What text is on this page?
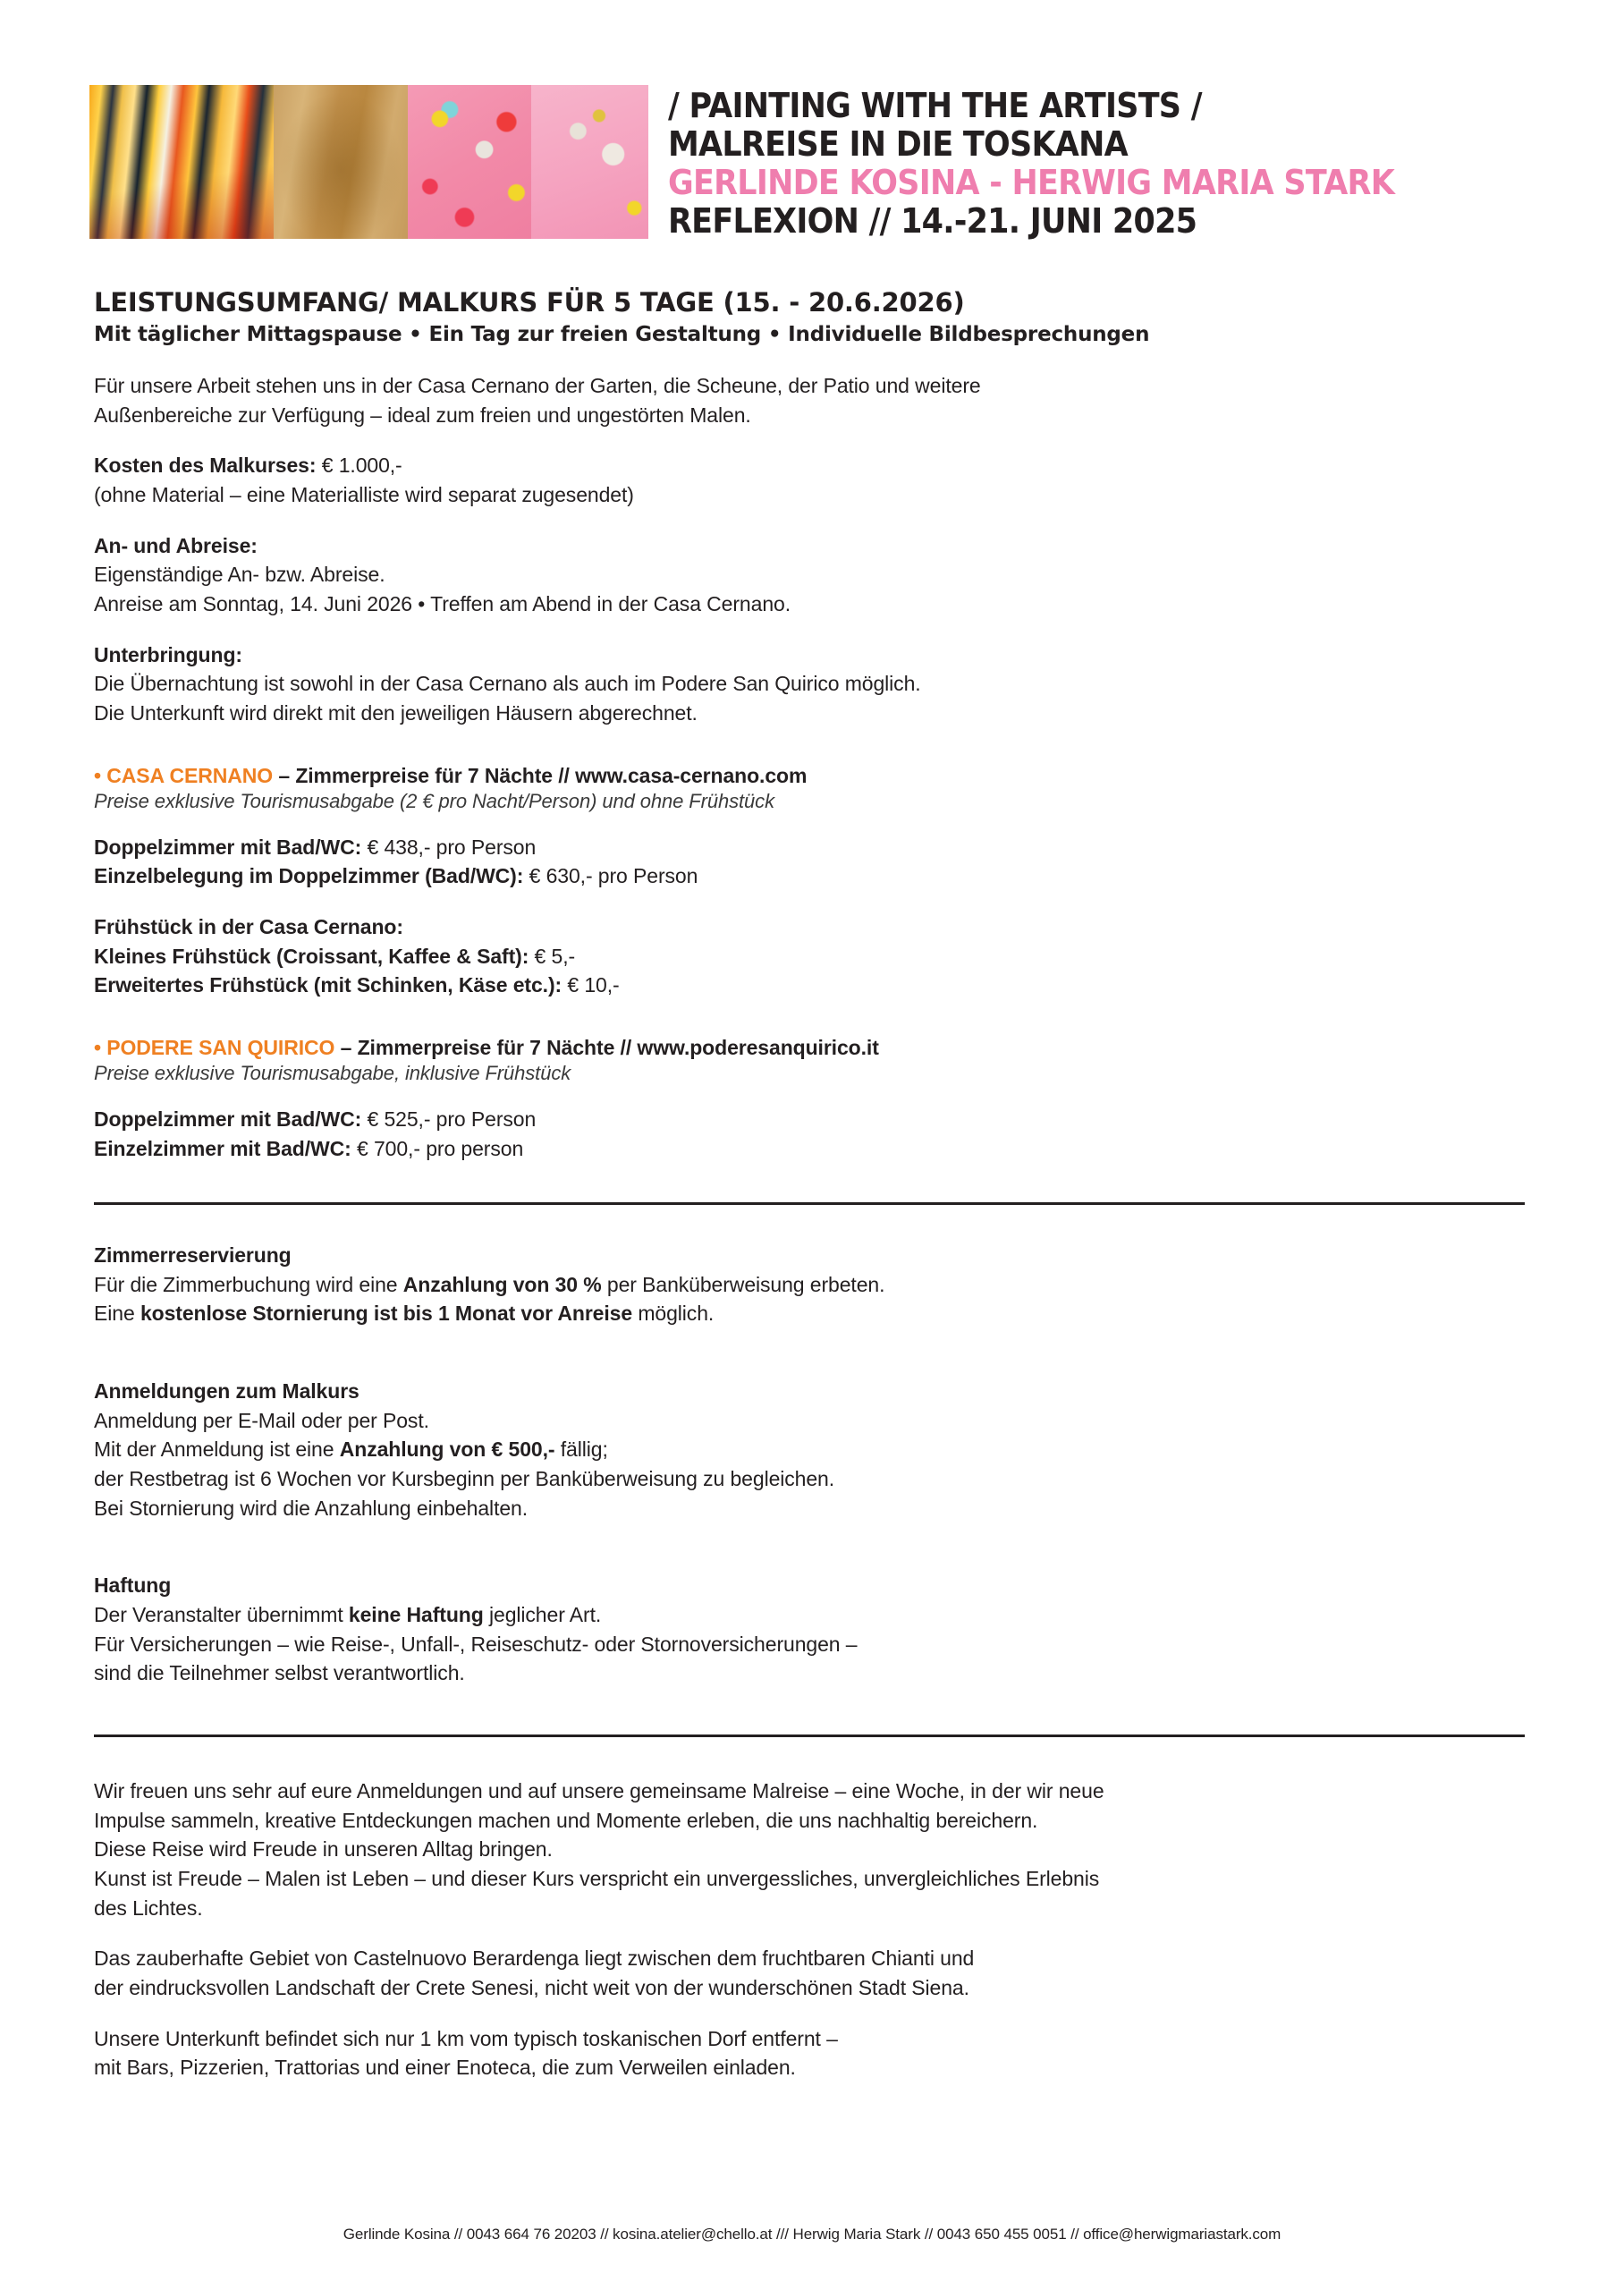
/ PAINTING WITH THE ARTISTS /
MALREISE IN DIE TOSKANA
GERLINDE KOSINA - HERWIG MARIA STARK
REFLEXION // 14.-21. JUNI 2025
LEISTUNGSUMFANG/ MALKURS FÜR 5 TAGE (15. - 20.6.2026)
Mit täglicher Mittagspause • Ein Tag zur freien Gestaltung • Individuelle Bildbesprechungen

Für unsere Arbeit stehen uns in der Casa Cernano der Garten, die Scheune, der Patio und weitere
Außenbereiche zur Verfügung – ideal zum freien und ungestörten Malen.

Kosten des Malkurses: € 1.000,-
(ohne Material – eine Materialliste wird separat zugesendet)

An- und Abreise:
Eigenständige An- bzw. Abreise.
Anreise am Sonntag, 14. Juni 2026 • Treffen am Abend in der Casa Cernano.

Unterbringung:
Die Übernachtung ist sowohl in der Casa Cernano als auch im Podere San Quirico möglich.
Die Unterkunft wird direkt mit den jeweiligen Häusern abgerechnet.

• CASA CERNANO – Zimmerpreise für 7 Nächte // www.casa-cernano.com
Preise exklusive Tourismusabgabe (2 € pro Nacht/Person) und ohne Frühstück

Doppelzimmer mit Bad/WC: € 438,- pro Person
Einzelbelegung im Doppelzimmer (Bad/WC): € 630,- pro Person

Frühstück in der Casa Cernano:
Kleines Frühstück (Croissant, Kaffee & Saft): € 5,-
Erweitertes Frühstück (mit Schinken, Käse etc.): € 10,-

• PODERE SAN QUIRICO – Zimmerpreise für 7 Nächte // www.poderesanquirico.it
Preise exklusive Tourismusabgabe, inklusive Frühstück

Doppelzimmer mit Bad/WC: € 525,- pro Person
Einzelzimmer mit Bad/WC: € 700,- pro person

Zimmerreservierung
Für die Zimmerbuchung wird eine Anzahlung von 30 % per Banküberweisung erbeten.
Eine kostenlose Stornierung ist bis 1 Monat vor Anreise möglich.

Anmeldungen zum Malkurs
Anmeldung per E-Mail oder per Post.
Mit der Anmeldung ist eine Anzahlung von € 500,- fällig;
der Restbetrag ist 6 Wochen vor Kursbeginn per Banküberweisung zu begleichen.
Bei Stornierung wird die Anzahlung einbehalten.

Haftung
Der Veranstalter übernimmt keine Haftung jeglicher Art.
Für Versicherungen – wie Reise-, Unfall-, Reiseschutz- oder Stornoversicherungen –
sind die Teilnehmer selbst verantwortlich.

Wir freuen uns sehr auf eure Anmeldungen und auf unsere gemeinsame Malreise – eine Woche, in der wir neue
Impulse sammeln, kreative Entdeckungen machen und Momente erleben, die uns nachhaltig bereichern.
Diese Reise wird Freude in unseren Alltag bringen.
Kunst ist Freude – Malen ist Leben – und dieser Kurs verspricht ein unvergessliches, unvergleichliches Erlebnis
des Lichtes.

Das zauberhafte Gebiet von Castelnuovo Berardenga liegt zwischen dem fruchtbaren Chianti und
der eindrucksvollen Landschaft der Crete Senesi, nicht weit von der wunderschönen Stadt Siena.

Unsere Unterkunft befindet sich nur 1 km vom typisch toskanischen Dorf entfernt –
mit Bars, Pizzerien, Trattorias und einer Enoteca, die zum Verweilen einladen.

Gerlinde Kosina // 0043 664 76 20203 // kosina.atelier@chello.at /// Herwig Maria Stark // 0043 650 455 0051 // office@herwigmariastark.com
